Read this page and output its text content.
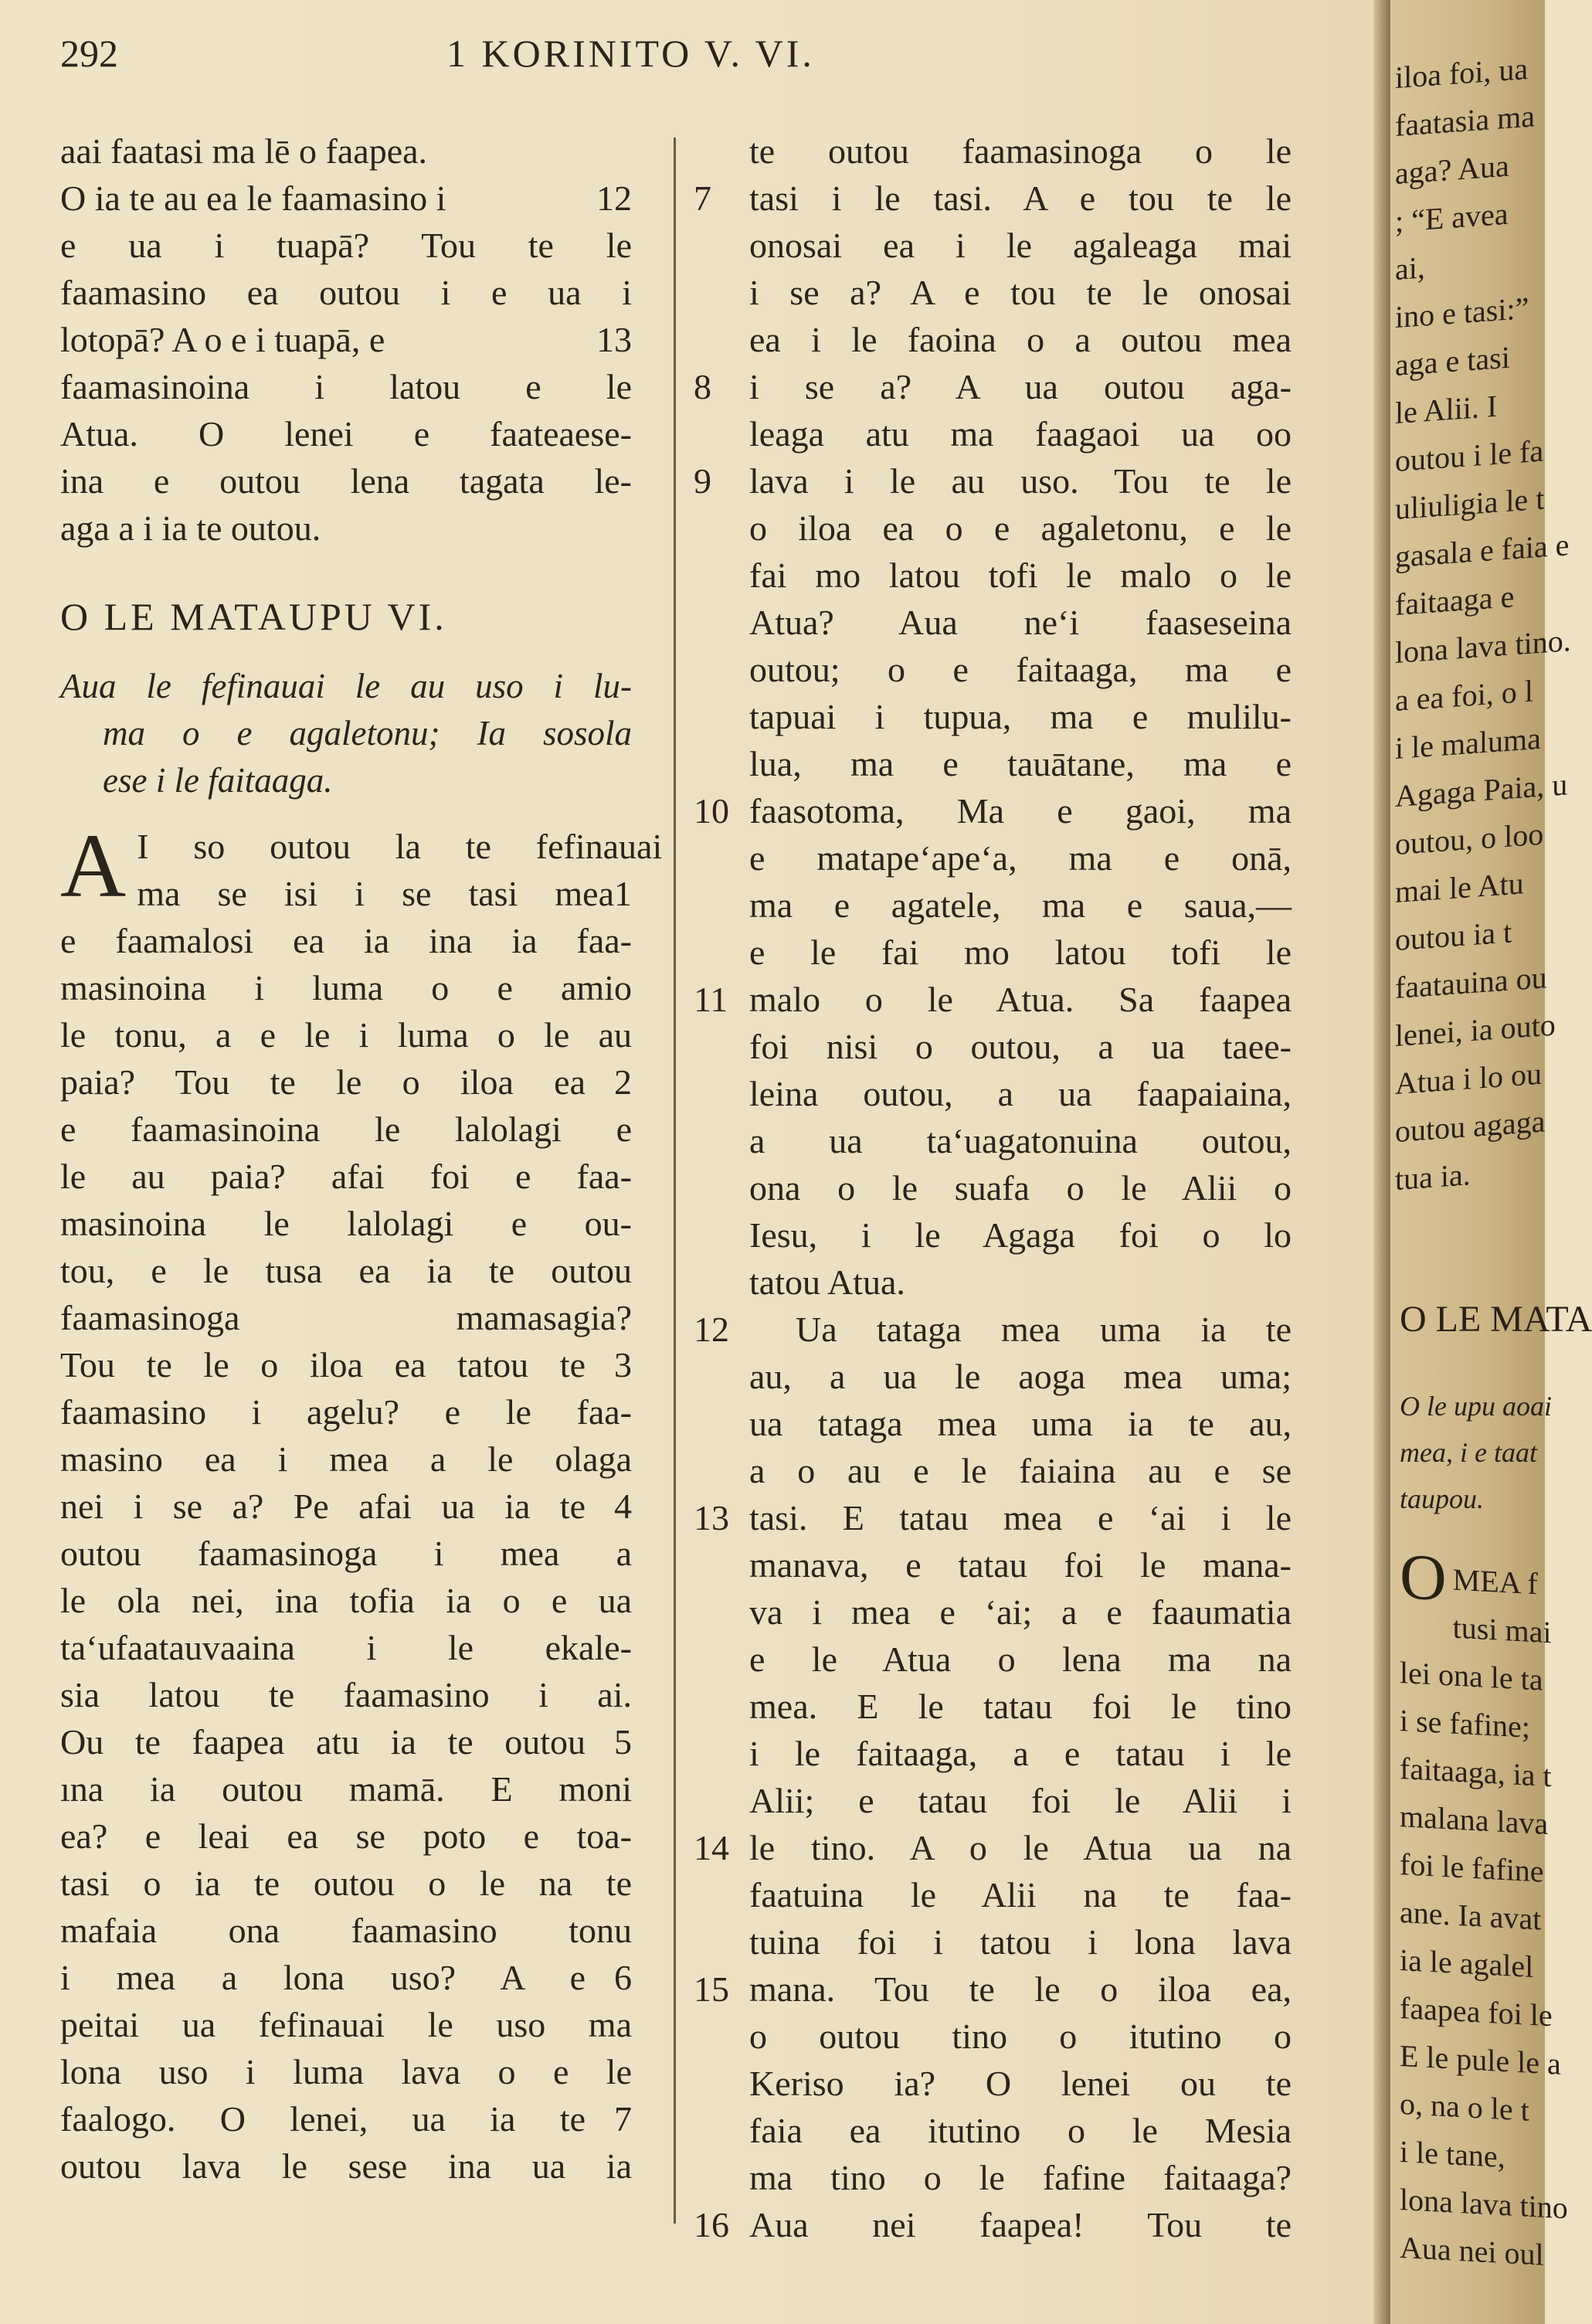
292	1 KORINITO V. VI.
aai faatasi ma lē o faapea.
O ia te au ea le faamasino i	12
e ua i tuapā? Tou te le
faamasino ea outou i e ua i
lotopā? A o e i tuapā, e	13
faamasinoina i latou e le
Atua. O lenei e faateaese-
ina e outou lena tagata le-
aga a i ia te outou.
O LE MATAUPU VI.
Aua le fefinauai le au uso i lu-
ma o e agaletonu; Ia sosola
ese i le faitaaga.
A I so outou la te fefinauai
1
ma se isi i se tasi mea
e faamalosi ea ia ina ia faa-
masinoina i luma o e amio
le tonu, a e le i luma o le au
paia? Tou te le o iloa ea 2
e faamasinoina le lalolagi e
le au paia? afai foi e faa-
masinoina le lalolagi e ou-
tou, e le tusa ea ia te outou
faamasinoga mamasagia?
Tou te le o iloa ea tatou te 3
faamasino i agelu? e le faa-
masino ea i mea a le olaga
nei i se a? Pe afai ua ia te 4
outou faamasinoga i mea a
le ola nei, ina tofia ia o e ua
taʻufaatauvaaina i le ekale-
sia latou te faamasino i ai.
Ou te faapea atu ia te outou 5
ına ia outou mamā. E moni
ea? e leai ea se poto e toa-
tasi o ia te outou o le na te
mafaia ona faamasino tonu
i mea a lona uso? A e 6
peitai ua fefinauai le uso ma
lona uso i luma lava o e le
faalogo. O lenei, ua ia te 7
outou lava le sese ina ua ia
te outou faamasinoga o le
7	tasi i le tasi. A e tou te le
onosai ea i le agaleaga mai
i se a? A e tou te le onosai
ea i le faoina o a outou mea
8	i se a? A ua outou aga-
leaga atu ma faagaoi ua oo
9	lava i le au uso. Tou te le
o iloa ea o e agaletonu, e le
fai mo latou tofi le malo o le
Atua? Aua neʻi faaseseina
outou; o e faitaaga, ma e
tapuai i tupua, ma e mulilu-
lua, ma e tauātane, ma e
10 faasotoma, Ma e gaoi, ma
e matapeʻapeʻa, ma e onā,
ma e agatele, ma e saua,—
e le fai mo latou tofi le
11 malo o le Atua. Sa faapea
foi nisi o outou, a ua taee-
leina outou, a ua faapaiaina,
a ua taʻuagatonuina outou,
ona o le suafa o le Alii o
Iesu, i le Agaga foi o lo
tatou Atua.
12 Ua tataga mea uma ia te
au, a ua le aoga mea uma;
ua tataga mea uma ia te au,
a o au e le faiaina au e se
13 tasi. E tatau mea e ʻai i le
manava, e tatau foi le mana-
va i mea e ʻai; a e faaumatia
e le Atua o lena ma na
mea. E le tatau foi le tino
i le faitaaga, a e tatau i le
Alii; e tatau foi le Alii i
14 le tino. A o le Atua ua na
faatuina le Alii na te faa-
tuina foi i tatou i lona lava
15 mana. Tou te le o iloa ea,
o outou tino o itutino o
Keriso ia? O lenei ou te
faia ea itutino o le Mesia
ma tino o le fafine faitaaga?
16 Aua nei faapea! Tou te
iloa foi, ua
faatasia ma
aga? Aua
; “E avea
ai,
ino e tasi:”
aga e tasi
le Alii. I
outou i le fa
uliuligia le t
gasala e faia e
faitaaga e
lona lava tino.
a ea foi, o l
i le maluma
Agaga Paia, u
outou, o loo
mai le Atu
outou ia t
faatauina ou
lenei, ia outo
Atua i lo ou
outou agaga
tua ia.
O LE MATA
O le upu aoai
mea, i e taat
taupou.
O MEA f
tusi mai
lei ona le ta
i se fafine;
faitaaga, ia t
malana lava
foi le fafine
ane. Ia avat
ia le agalel
faapea foi le
E le pule le a
o, na o le t
i le tane,
lona lava tino
Aua nei oul
